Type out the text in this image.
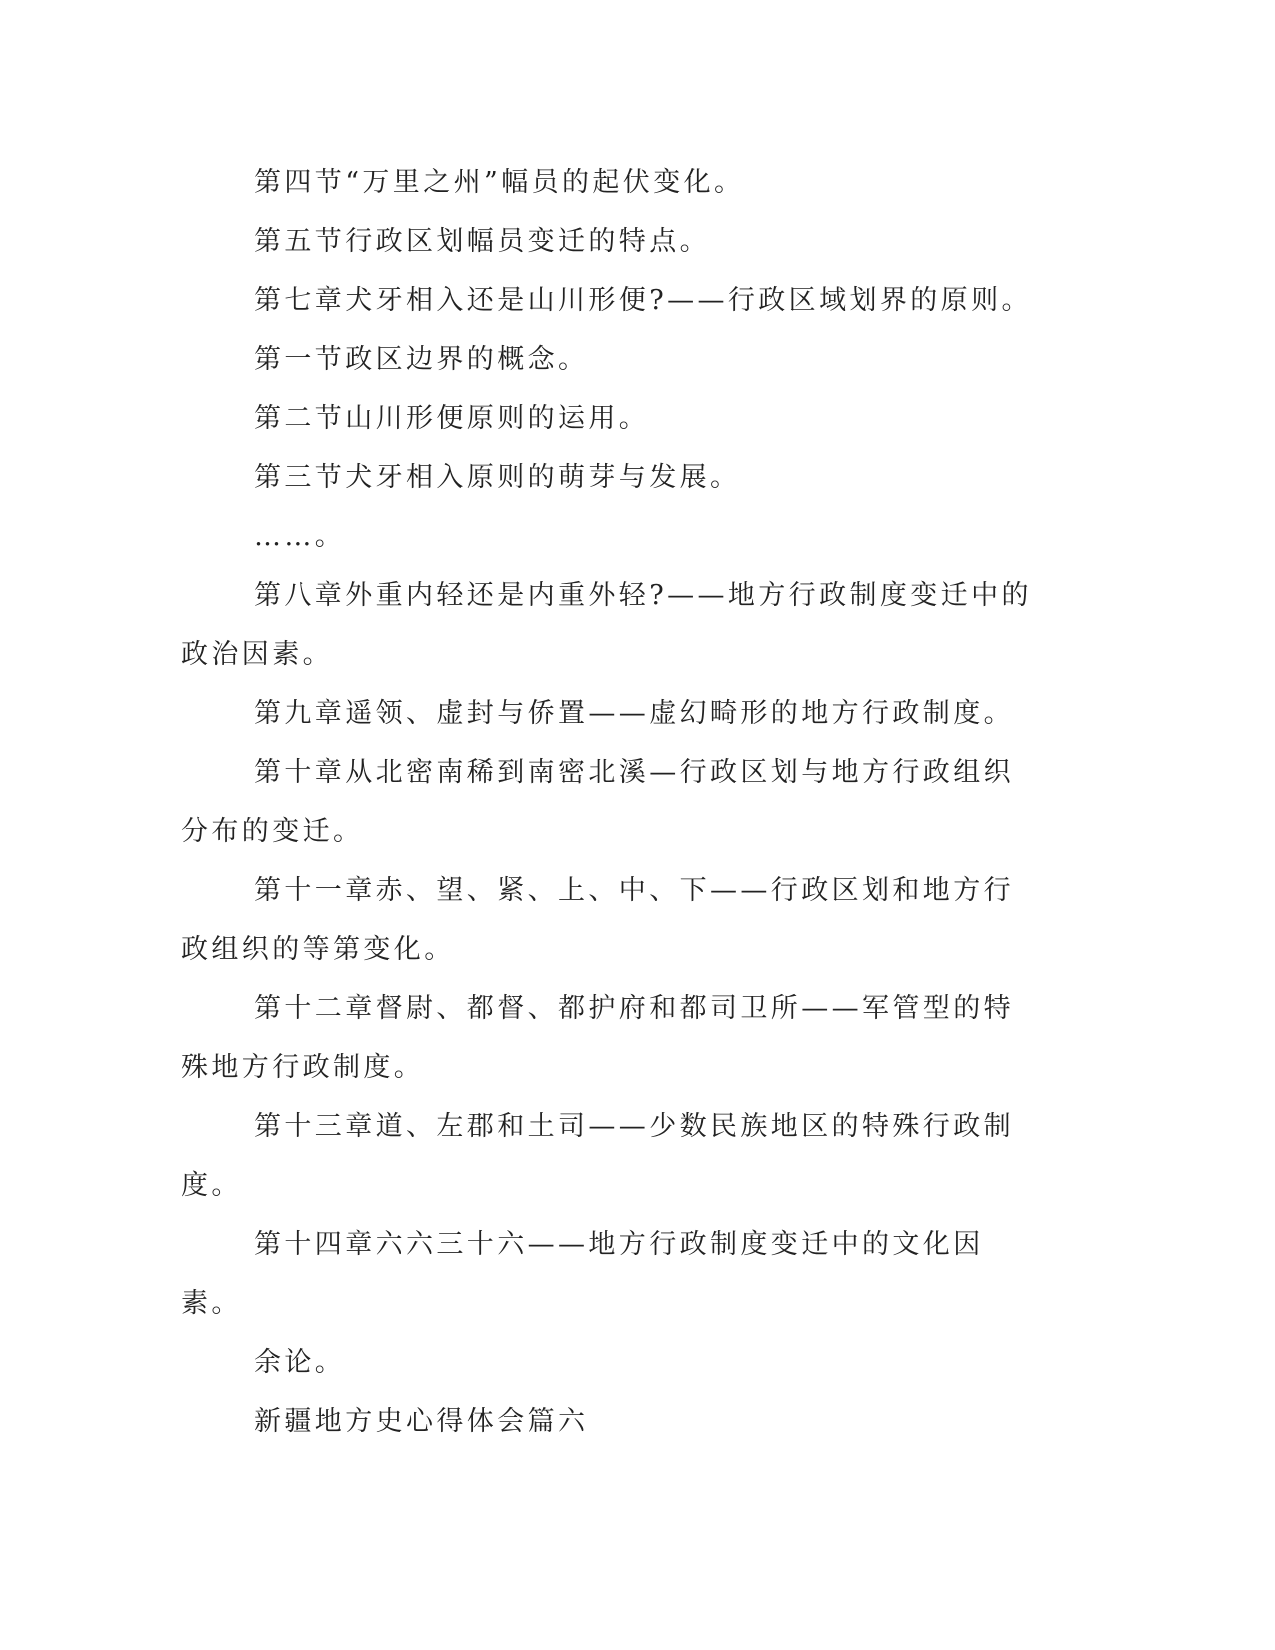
第四节“万里之州”幅员的起伏变化。

第五节行政区划幅员变迁的特点。

第七章犬牙相入还是山川形便?——行政区域划界的原则。

第一节政区边界的概念。

第二节山川形便原则的运用。

第三节犬牙相入原则的萌芽与发展。

……。

第八章外重内轻还是内重外轻?——地方行政制度变迁中的政治因素。

第九章遥领、虚封与侨置——虚幻畸形的地方行政制度。

第十章从北密南稀到南密北溪—行政区划与地方行政组织分布的变迁。

第十一章赤、望、紧、上、中、下——行政区划和地方行政组织的等第变化。

第十二章督尉、都督、都护府和都司卫所——军管型的特殊地方行政制度。

第十三章道、左郡和土司——少数民族地区的特殊行政制度。

第十四章六六三十六——地方行政制度变迁中的文化因素。

余论。

新疆地方史心得体会篇六
